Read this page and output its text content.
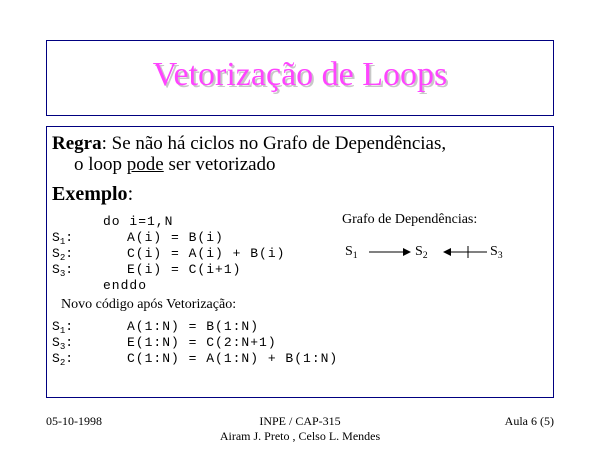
Vetorização de Loops
Regra: Se não há ciclos no Grafo de Dependências,
o loop pode ser vetorizado
Exemplo:
do i=1,N
$S_1$:	A(i) = B(i)
$S_2$:	C(i) = A(i) + B(i)
$S_3$:	E(i) = C(i+1)
enddo
Grafo de Dependências:
$S_1$	$S_2$	$S_3$
Novo código após Vetorização:
$S_1$:	A(1:N) = B(1:N)
$S_3$:	E(1:N) = C(2:N+1)
$S_2$:	C(1:N) = A(1:N) + B(1:N)
05-10-1998	INPE / CAP-315
Airam J. Preto , Celso L. Mendes
Aula 6 (5)
